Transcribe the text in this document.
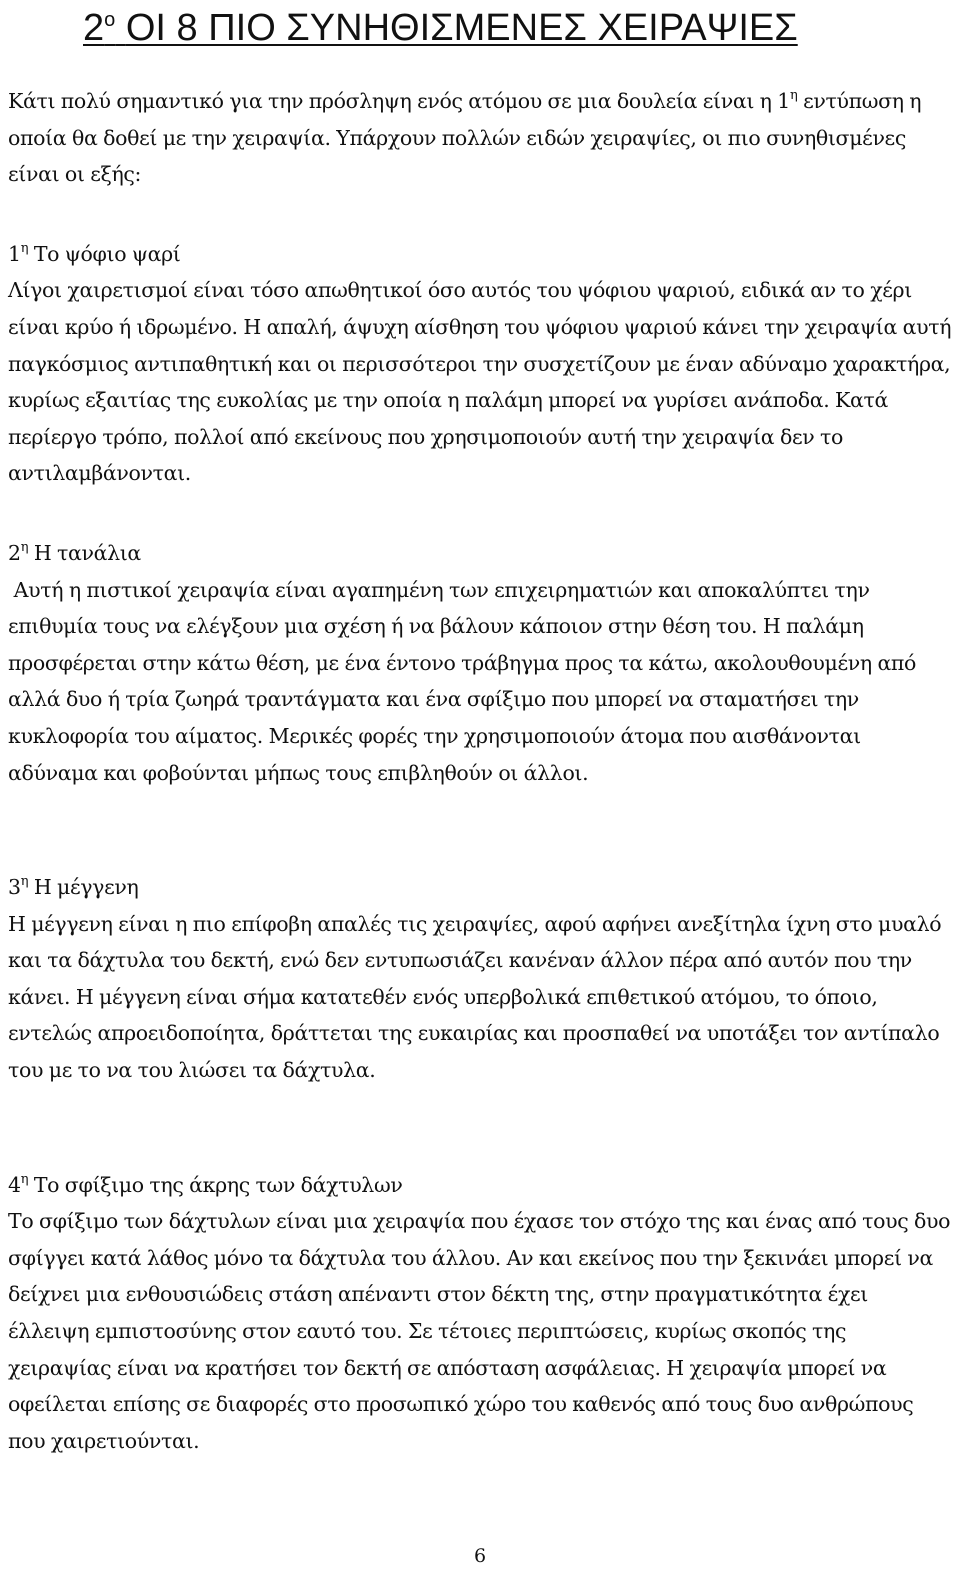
$2^o$ ΟΙ 8 ΠΙΟ ΣΥΝΗΘΙΣΜΕΝΕΣ ΧΕΙΡΑΨΙΕΣ

Κάτι πολύ σημαντικό για την πρόσληψη ενός ατόμου σε μια δουλεία είναι η $1^\eta$ εντύπωση η οποία θα δοθεί με την χειραψία. Υπάρχουν πολλών ειδών χειραψίες, οι πιο συνηθισμένες είναι οι εξής:

$1^\eta$ Το ψόφιο ψαρί

Λίγοι χαιρετισμοί είναι τόσο απωθητικοί όσο αυτός του ψόφιου ψαριού, ειδικά αν το χέρι είναι κρύο ή ιδρωμένο. Η απαλή, άψυχη αίσθηση του ψόφιου ψαριού κάνει την χειραψία αυτή παγκόσμιος αντιπαθητική και οι περισσότεροι την συσχετίζουν με έναν αδύναμο χαρακτήρα, κυρίως εξαιτίας της ευκολίας με την οποία η παλάμη μπορεί να γυρίσει ανάποδα. Κατά περίεργο τρόπο, πολλοί από εκείνους που χρησιμοποιούν αυτή την χειραψία δεν το αντιλαμβάνονται.

$2^\eta$ Η τανάλια

Αυτή η πιστικοί χειραψία είναι αγαπημένη των επιχειρηματιών και αποκαλύπτει την επιθυμία τους να ελέγξουν μια σχέση ή να βάλουν κάποιον στην θέση του. Η παλάμη προσφέρεται στην κάτω θέση, με ένα έντονο τράβηγμα προς τα κάτω, ακολουθουμένη από αλλά δυο ή τρία ζωηρά τραντάγματα και ένα σφίξιμο που μπορεί να σταματήσει την κυκλοφορία του αίματος. Μερικές φορές την χρησιμοποιούν άτομα που αισθάνονται αδύναμα και φοβούνται μήπως τους επιβληθούν οι άλλοι.

$3^\eta$ Η μέγγενη

Η μέγγενη είναι η πιο επίφοβη απαλές τις χειραψίες, αφού αφήνει ανεξίτηλα ίχνη στο μυαλό και τα δάχτυλα του δεκτή, ενώ δεν εντυπωσιάζει κανέναν άλλον πέρα από αυτόν που την κάνει. Η μέγγενη είναι σήμα κατατεθέν ενός υπερβολικά επιθετικού ατόμου, το όποιο, εντελώς απροειδοποίητα, δράττεται της ευκαιρίας και προσπαθεί να υποτάξει τον αντίπαλο του με το να του λιώσει τα δάχτυλα.

$4^\eta$ Το σφίξιμο της άκρης των δάχτυλων

Το σφίξιμο των δάχτυλων είναι μια χειραψία που έχασε τον στόχο της και ένας από τους δυο σφίγγει κατά λάθος μόνο τα δάχτυλα του άλλου. Αν και εκείνος που την ξεκινάει μπορεί να δείχνει μια ενθουσιώδεις στάση απέναντι στον δέκτη της, στην πραγματικότητα έχει έλλειψη εμπιστοσύνης στον εαυτό του. Σε τέτοιες περιπτώσεις, κυρίως σκοπός της χειραψίας είναι να κρατήσει τον δεκτή σε απόσταση ασφάλειας. Η χειραψία μπορεί να οφείλεται επίσης σε διαφορές στο προσωπικό χώρο του καθενός από τους δυο ανθρώπους που χαιρετιούνται.

6
